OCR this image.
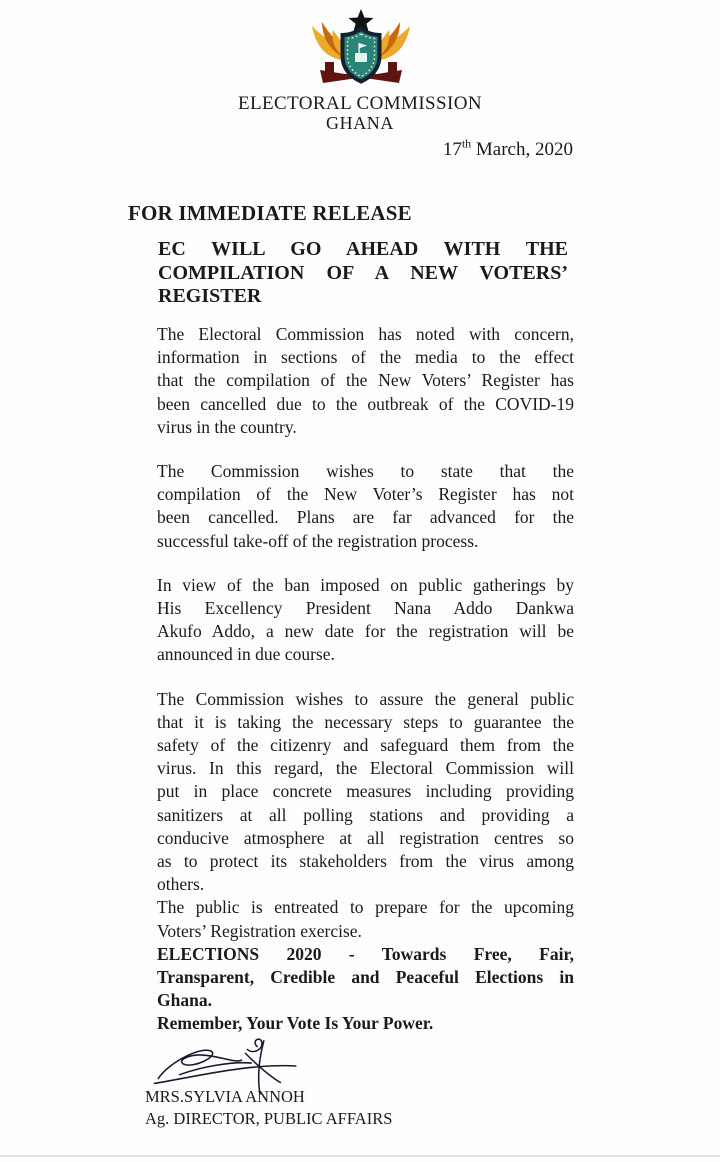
ELECTORAL COMMISSION
GHANA
17th March, 2020
FOR IMMEDIATE RELEASE
EC WILL GO AHEAD WITH THE
COMPILATION OF A NEW VOTERS’
REGISTER
The Electoral Commission has noted with concern,
information in sections of the media to the effect
that the compilation of the New Voters’ Register has
been cancelled due to the outbreak of the COVID-19
virus in the country.
The Commission wishes to state that the
compilation of the New Voter’s Register has not
been cancelled. Plans are far advanced for the
successful take-off of the registration process.
In view of the ban imposed on public gatherings by
His Excellency President Nana Addo Dankwa
Akufo Addo, a new date for the registration will be
announced in due course.
The Commission wishes to assure the general public
that it is taking the necessary steps to guarantee the
safety of the citizenry and safeguard them from the
virus. In this regard, the Electoral Commission will
put in place concrete measures including providing
sanitizers at all polling stations and providing a
conducive atmosphere at all registration centres so
as to protect its stakeholders from the virus among
others.
The public is entreated to prepare for the upcoming
Voters’ Registration exercise.
ELECTIONS 2020 - Towards Free, Fair,
Transparent, Credible and Peaceful Elections in
Ghana.
Remember, Your Vote Is Your Power.
MRS.SYLVIA ANNOH
Ag. DIRECTOR, PUBLIC AFFAIRS
